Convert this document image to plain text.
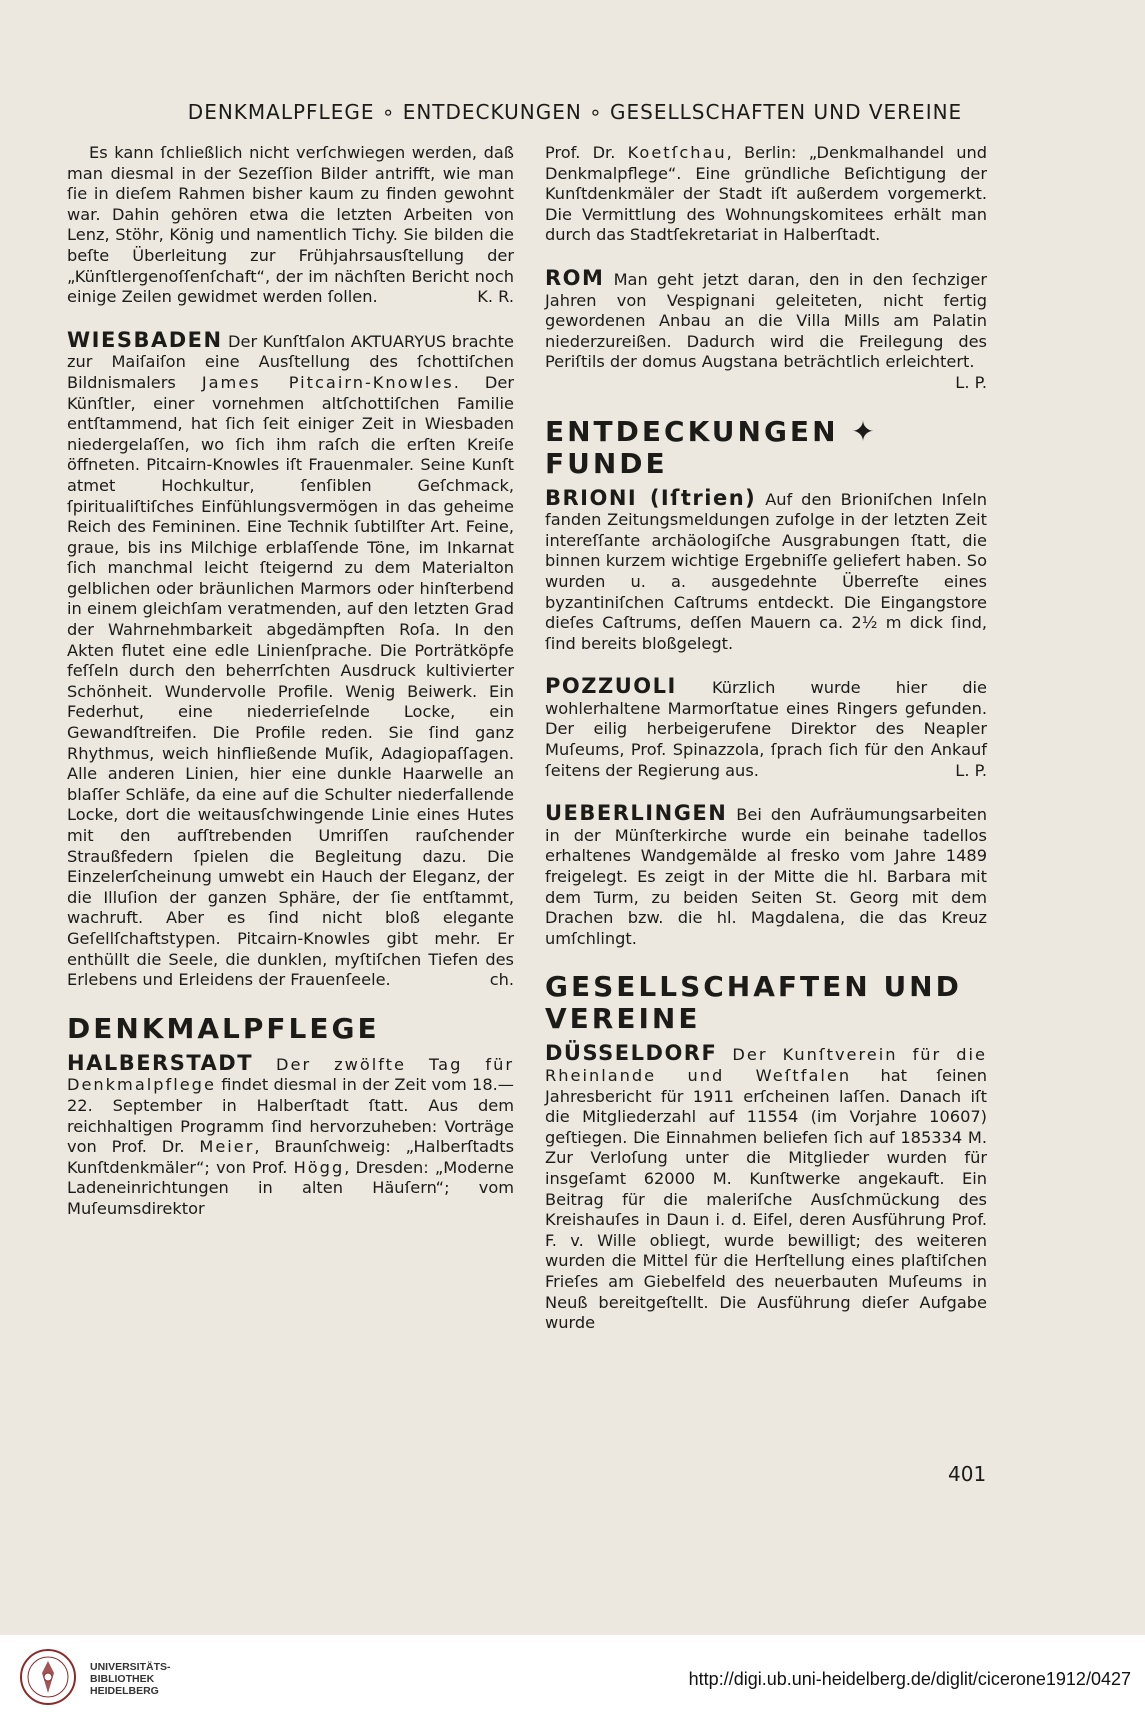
DENKMALPFLEGE ∘ ENTDECKUNGEN ∘ GESELLSCHAFTEN UND VEREINE

Es kann ſchließlich nicht verſchwiegen werden, daß man diesmal in der Sezeſſion Bilder antrifft, wie man ſie in dieſem Rahmen bisher kaum zu finden gewohnt war. Dahin gehören etwa die letzten Arbeiten von Lenz, Stöhr, König und namentlich Tichy. Sie bilden die beſte Überleitung zur Frühjahrsausſtellung der „Künſtlergenoſſenſchaft“, der im nächſten Bericht noch einige Zeilen gewidmet werden ſollen.	K. R.

WIESBADEN Der Kunſtſalon AKTUARYUS brachte zur Maiſaiſon eine Ausſtellung des ſchottiſchen Bildnismalers James Pitcairn-Knowles. Der Künſtler, einer vornehmen altſchottiſchen Familie entſtammend, hat ſich ſeit einiger Zeit in Wiesbaden niedergelaſſen, wo ſich ihm raſch die erſten Kreiſe öffneten. Pitcairn-Knowles iſt Frauenmaler. Seine Kunſt atmet Hochkultur, ſenſiblen Geſchmack, ſpiritualiſtiſches Einfühlungsvermögen in das geheime Reich des Femininen. Eine Technik ſubtilſter Art. Feine, graue, bis ins Milchige erblaſſende Töne, im Inkarnat ſich manchmal leicht ſteigernd zu dem Materialton gelblichen oder bräunlichen Marmors oder hinſterbend in einem gleichſam veratmenden, auf den letzten Grad der Wahrnehmbarkeit abgedämpften Roſa. In den Akten flutet eine edle Linienſprache. Die Porträtköpfe feſſeln durch den beherrſchten Ausdruck kultivierter Schönheit. Wundervolle Profile. Wenig Beiwerk. Ein Federhut, eine niederrieſelnde Locke, ein Gewandſtreifen. Die Profile reden. Sie ſind ganz Rhythmus, weich hinfließende Muſik, Adagiopaſſagen. Alle anderen Linien, hier eine dunkle Haarwelle an blaſſer Schläfe, da eine auf die Schulter niederfallende Locke, dort die weitausſchwingende Linie eines Hutes mit den aufſtrebenden Umriſſen rauſchender Straußfedern ſpielen die Begleitung dazu. Die Einzelerſcheinung umwebt ein Hauch der Eleganz, der die Illuſion der ganzen Sphäre, der ſie entſtammt, wachruft. Aber es ſind nicht bloß elegante Geſellſchaftstypen. Pitcairn-Knowles gibt mehr. Er enthüllt die Seele, die dunklen, myſtiſchen Tiefen des Erlebens und Erleidens der Frauenſeele.	ch.

DENKMALPFLEGE

HALBERSTADT Der zwölfte Tag für Denkmalpflege findet diesmal in der Zeit vom 18.—22. September in Halberſtadt ſtatt. Aus dem reichhaltigen Programm ſind hervorzuheben: Vorträge von Prof. Dr. Meier, Braunſchweig: „Halberſtadts Kunſtdenkmäler“; von Prof. Högg, Dresden: „Moderne Ladeneinrichtungen in alten Häuſern“; vom Muſeumsdirektor

Prof. Dr. Koetſchau, Berlin: „Denkmalhandel und Denkmalpflege“. Eine gründliche Beſichtigung der Kunſtdenkmäler der Stadt iſt außerdem vorgemerkt. Die Vermittlung des Wohnungskomitees erhält man durch das Stadtſekretariat in Halberſtadt.

ROM Man geht jetzt daran, den in den ſechziger Jahren von Vespignani geleiteten, nicht fertig gewordenen Anbau an die Villa Mills am Palatin niederzureißen. Dadurch wird die Freilegung des Periſtils der domus Augstana beträchtlich erleichtert.
L. P.

ENTDECKUNGEN ✦ FUNDE

BRIONI (Iſtrien) Auf den Brioniſchen Inſeln fanden Zeitungsmeldungen zufolge in der letzten Zeit intereſſante archäologiſche Ausgrabungen ſtatt, die binnen kurzem wichtige Ergebniſſe geliefert haben. So wurden u. a. ausgedehnte Überreſte eines byzantiniſchen Caſtrums entdeckt. Die Eingangstore dieſes Caſtrums, deſſen Mauern ca. 2½ m dick ſind, ſind bereits bloßgelegt.

POZZUOLI Kürzlich wurde hier die wohlerhaltene Marmorſtatue eines Ringers gefunden. Der eilig herbeigerufene Direktor des Neapler Muſeums, Prof. Spinazzola, ſprach ſich für den Ankauf ſeitens der Regierung aus.	L. P.

UEBERLINGEN Bei den Aufräumungsarbeiten in der Münſterkirche wurde ein beinahe tadellos erhaltenes Wandgemälde al fresko vom Jahre 1489 freigelegt. Es zeigt in der Mitte die hl. Barbara mit dem Turm, zu beiden Seiten St. Georg mit dem Drachen bzw. die hl. Magdalena, die das Kreuz umſchlingt.

GESELLSCHAFTEN UND VEREINE

DÜSSELDORF Der Kunſtverein für die Rheinlande und Weſtfalen hat ſeinen Jahresbericht für 1911 erſcheinen laſſen. Danach iſt die Mitgliederzahl auf 11554 (im Vorjahre 10607) geſtiegen. Die Einnahmen beliefen ſich auf 185334 M. Zur Verloſung unter die Mitglieder wurden für insgeſamt 62000 M. Kunſtwerke angekauft. Ein Beitrag für die maleriſche Ausſchmückung des Kreishauſes in Daun i. d. Eifel, deren Ausführung Prof. F. v. Wille obliegt, wurde bewilligt; des weiteren wurden die Mittel für die Herſtellung eines plaſtiſchen Frieſes am Giebelfeld des neuerbauten Muſeums in Neuß bereitgeſtellt. Die Ausführung dieſer Aufgabe wurde

401
UNIVERSITÄTS-
BIBLIOTHEK
HEIDELBERG
http://digi.ub.uni-heidelberg.de/diglit/cicerone1912/0427
